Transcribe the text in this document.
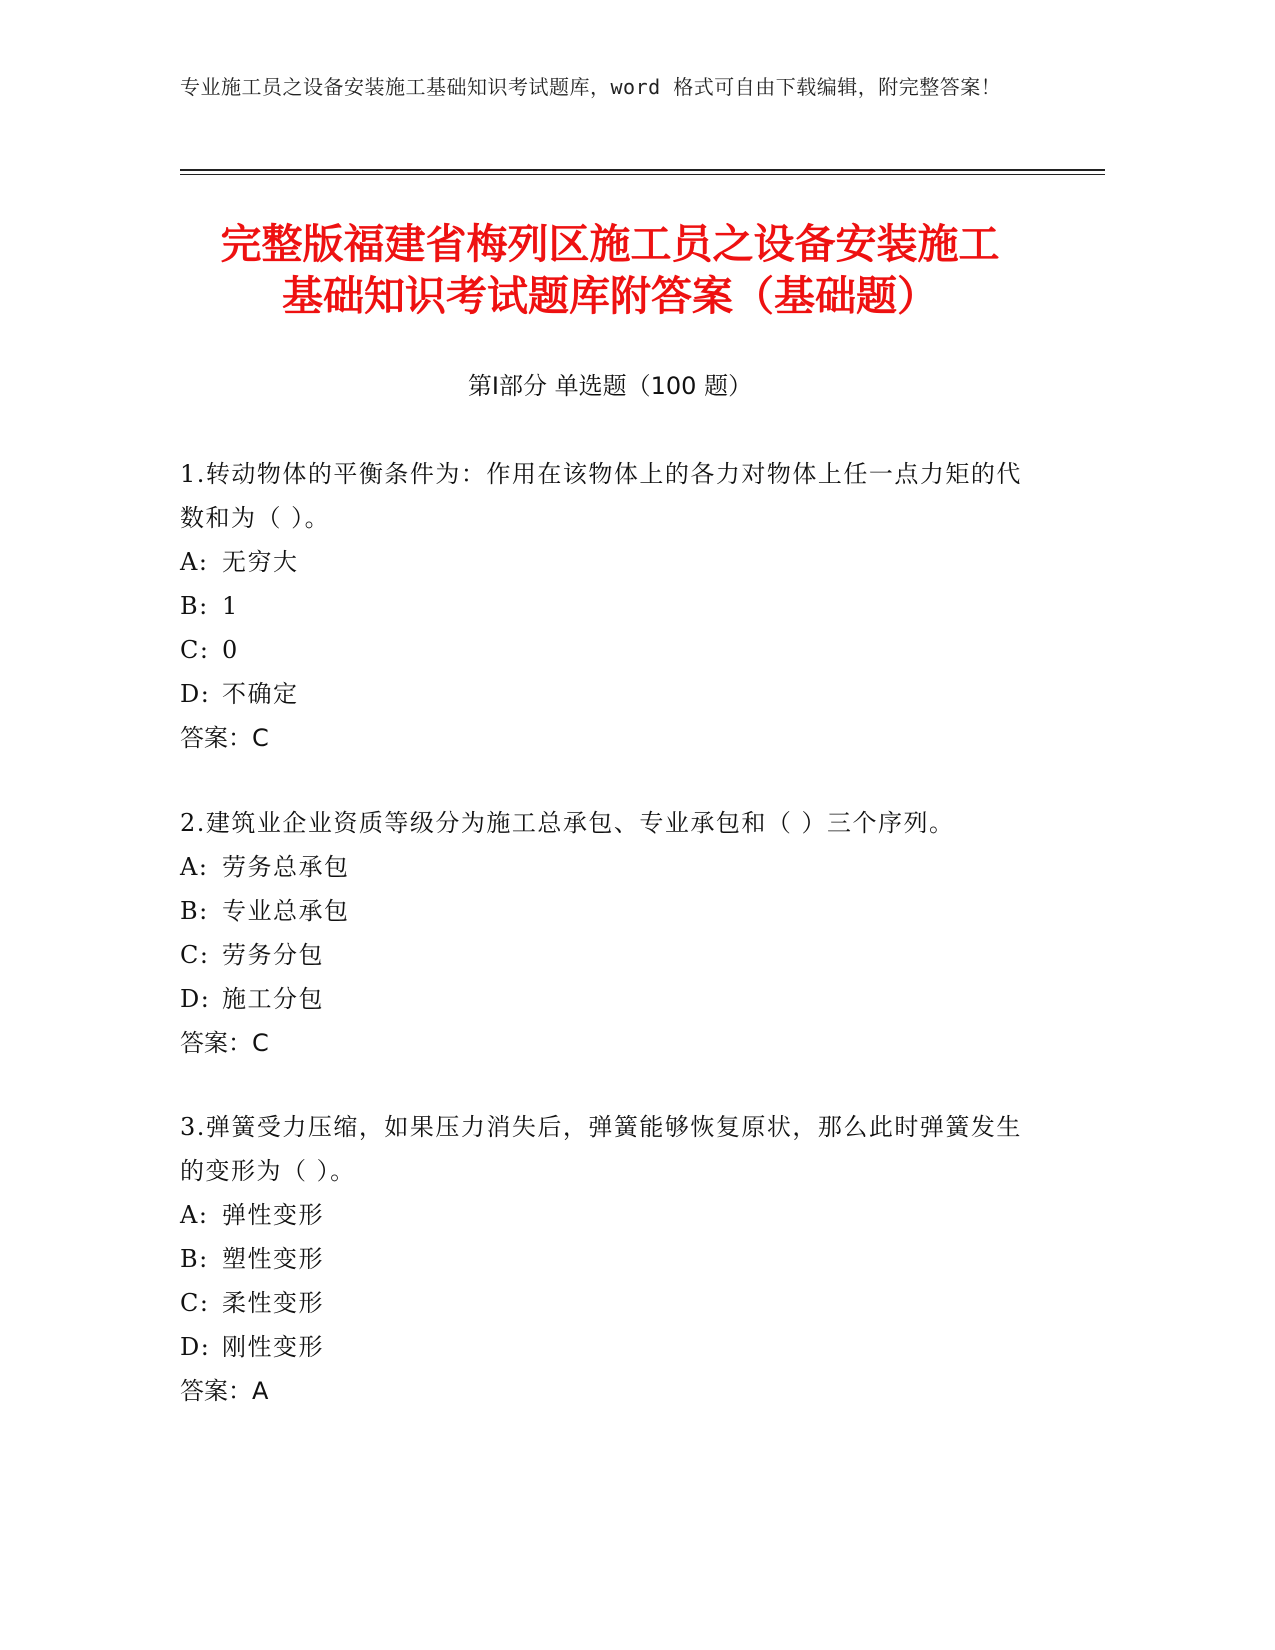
专业施工员之设备安装施工基础知识考试题库，word 格式可自由下载编辑，附完整答案！
完整版福建省梅列区施工员之设备安装施工
基础知识考试题库附答案（基础题）
第Ⅰ部分 单选题（100 题）

1.转动物体的平衡条件为：作用在该物体上的各力对物体上任一点力矩的代数和为（ ）。

A: 无穷大

B: 1

C: 0

D: 不确定

答案：C

2.建筑业企业资质等级分为施工总承包、专业承包和（ ）三个序列。

A: 劳务总承包

B: 专业总承包

C: 劳务分包

D: 施工分包

答案：C

3.弹簧受力压缩，如果压力消失后，弹簧能够恢复原状，那么此时弹簧发生的变形为（ ）。

A: 弹性变形

B: 塑性变形

C: 柔性变形

D: 刚性变形

答案：A
